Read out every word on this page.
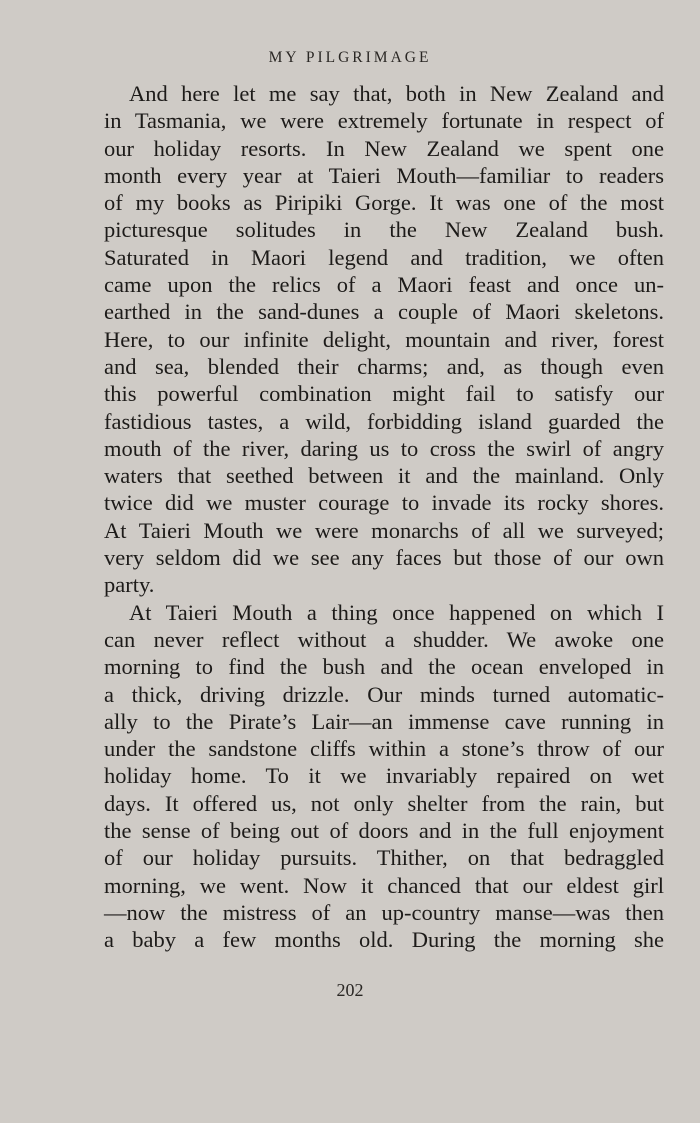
MY PILGRIMAGE
And here let me say that, both in New Zealand and
in Tasmania, we were extremely fortunate in respect of
our holiday resorts. In New Zealand we spent one
month every year at Taieri Mouth—familiar to readers
of my books as Piripiki Gorge. It was one of the most
picturesque solitudes in the New Zealand bush.
Saturated in Maori legend and tradition, we often
came upon the relics of a Maori feast and once un-
earthed in the sand-dunes a couple of Maori skeletons.
Here, to our infinite delight, mountain and river, forest
and sea, blended their charms; and, as though even
this powerful combination might fail to satisfy our
fastidious tastes, a wild, forbidding island guarded the
mouth of the river, daring us to cross the swirl of angry
waters that seethed between it and the mainland. Only
twice did we muster courage to invade its rocky shores.
At Taieri Mouth we were monarchs of all we surveyed;
very seldom did we see any faces but those of our own
party.
At Taieri Mouth a thing once happened on which I
can never reflect without a shudder. We awoke one
morning to find the bush and the ocean enveloped in
a thick, driving drizzle. Our minds turned automatic-
ally to the Pirate’s Lair—an immense cave running in
under the sandstone cliffs within a stone’s throw of our
holiday home. To it we invariably repaired on wet
days. It offered us, not only shelter from the rain, but
the sense of being out of doors and in the full enjoyment
of our holiday pursuits. Thither, on that bedraggled
morning, we went. Now it chanced that our eldest girl
—now the mistress of an up-country manse—was then
a baby a few months old. During the morning she
202
